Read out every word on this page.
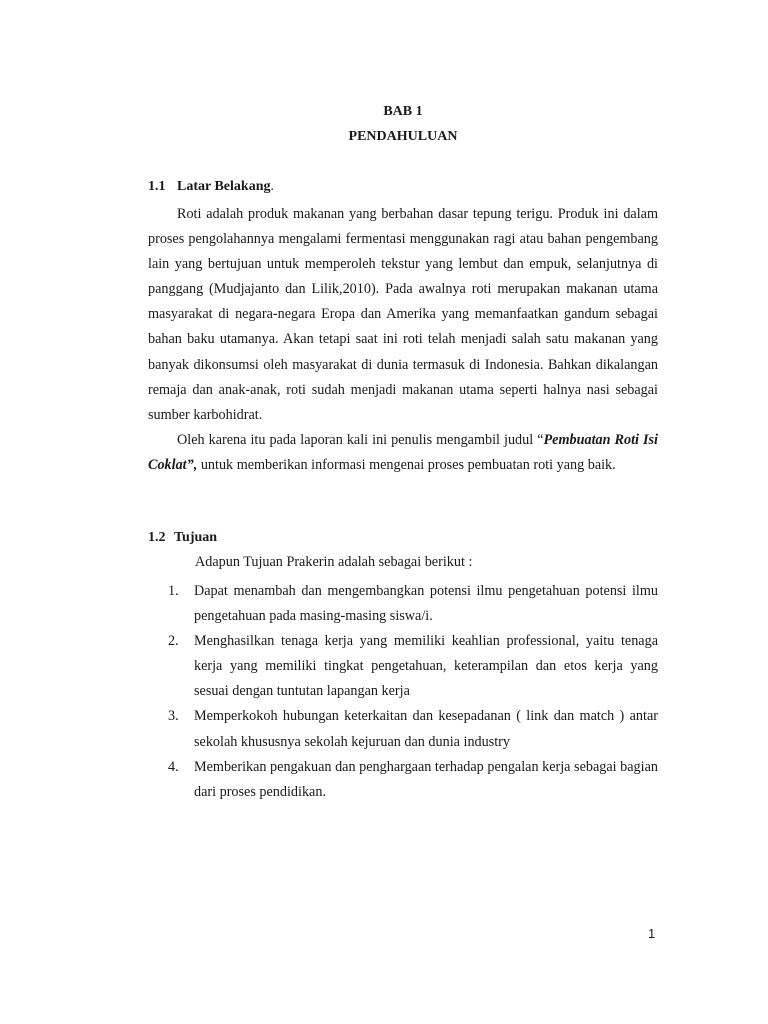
BAB 1
PENDAHULUAN
1.1 Latar Belakang.

Roti adalah produk makanan yang berbahan dasar tepung terigu. Produk ini dalam proses pengolahannya mengalami fermentasi menggunakan ragi atau bahan pengembang lain yang bertujuan untuk memperoleh tekstur yang lembut dan empuk, selanjutnya di panggang (Mudjajanto dan Lilik,2010). Pada awalnya roti merupakan makanan utama masyarakat di negara-negara Eropa dan Amerika yang memanfaatkan gandum sebagai bahan baku utamanya. Akan tetapi saat ini roti telah menjadi salah satu makanan yang banyak dikonsumsi oleh masyarakat di dunia termasuk di Indonesia. Bahkan dikalangan remaja dan anak-anak, roti sudah menjadi makanan utama seperti halnya nasi sebagai sumber karbohidrat.

Oleh karena itu pada laporan kali ini penulis mengambil judul “Pembuatan Roti Isi Coklat”, untuk memberikan informasi mengenai proses pembuatan roti yang baik.

1.2 Tujuan
Adapun Tujuan Prakerin adalah sebagai berikut :
1. Dapat menambah dan mengembangkan potensi ilmu pengetahuan potensi ilmu pengetahuan pada masing-masing siswa/i.
2. Menghasilkan tenaga kerja yang memiliki keahlian professional, yaitu tenaga kerja yang memiliki tingkat pengetahuan, keterampilan dan etos kerja yang sesuai dengan tuntutan lapangan kerja
3. Memperkokoh hubungan keterkaitan dan kesepadanan ( link dan match ) antar sekolah khususnya sekolah kejuruan dan dunia industry
4. Memberikan pengakuan dan penghargaan terhadap pengalan kerja sebagai bagian dari proses pendidikan.
1
